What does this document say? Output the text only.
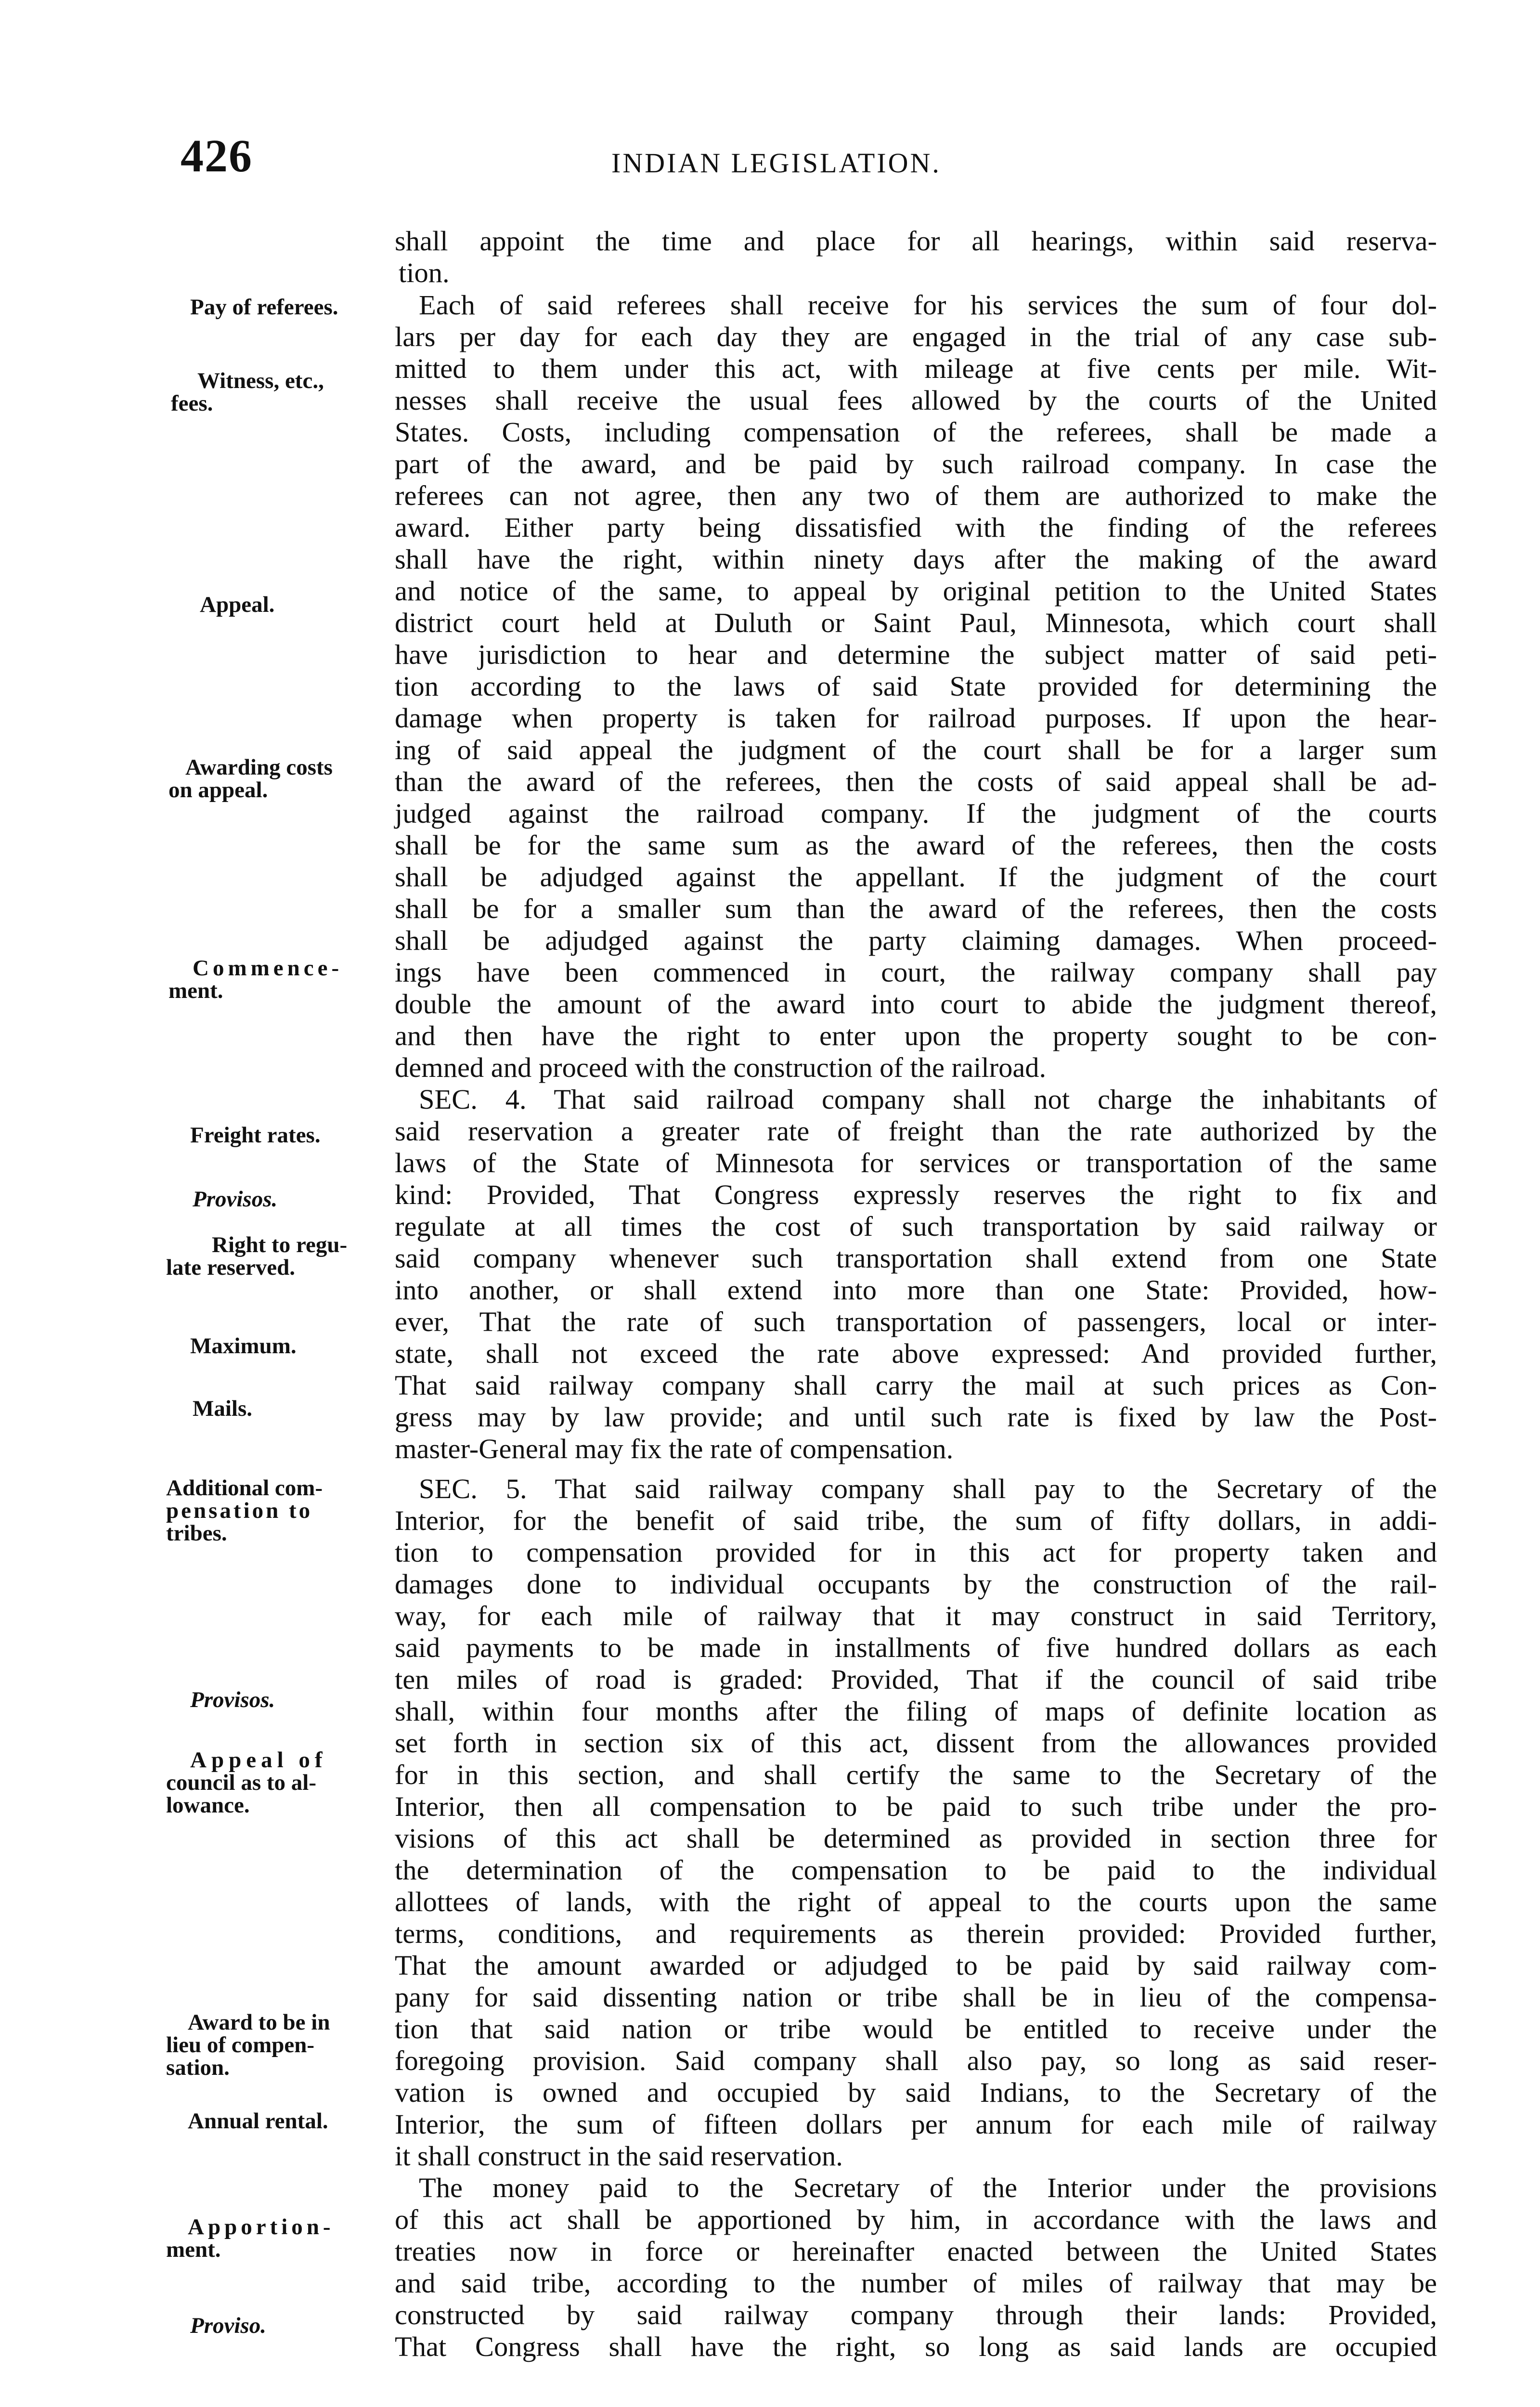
426	INDIAN LEGISLATION.
Pay of referees.
Witness, etc.,
fees.
Appeal.
Awarding costs
on appeal.
Commence-
ment.
Freight rates.
Provisos.
Right to regu-
late reserved.
Maximum.
Mails.
Additional com-
pensation to
tribes.
Provisos.
Appeal of
council as to al-
lowance.
Award to be in
lieu of compen-
sation.
Annual rental.
Apportion-
ment.
Proviso.
shall appoint the time and place for all hearings, within said reserva-
tion.
Each of said referees shall receive for his services the sum of four dol-
lars per day for each day they are engaged in the trial of any case sub-
mitted to them under this act, with mileage at five cents per mile. Wit-
nesses shall receive the usual fees allowed by the courts of the United
States. Costs, including compensation of the referees, shall be made a
part of the award, and be paid by such railroad company. In case the
referees can not agree, then any two of them are authorized to make the
award. Either party being dissatisfied with the finding of the referees
shall have the right, within ninety days after the making of the award
and notice of the same, to appeal by original petition to the United States
district court held at Duluth or Saint Paul, Minnesota, which court shall
have jurisdiction to hear and determine the subject matter of said peti-
tion according to the laws of said State provided for determining the
damage when property is taken for railroad purposes. If upon the hear-
ing of said appeal the judgment of the court shall be for a larger sum
than the award of the referees, then the costs of said appeal shall be ad-
judged against the railroad company. If the judgment of the courts
shall be for the same sum as the award of the referees, then the costs
shall be adjudged against the appellant. If the judgment of the court
shall be for a smaller sum than the award of the referees, then the costs
shall be adjudged against the party claiming damages. When proceed-
ings have been commenced in court, the railway company shall pay
double the amount of the award into court to abide the judgment thereof,
and then have the right to enter upon the property sought to be con-
demned and proceed with the construction of the railroad.
SEC. 4. That said railroad company shall not charge the inhabitants of
said reservation a greater rate of freight than the rate authorized by the
laws of the State of Minnesota for services or transportation of the same
kind: Provided, That Congress expressly reserves the right to fix and
regulate at all times the cost of such transportation by said railway or
said company whenever such transportation shall extend from one State
into another, or shall extend into more than one State: Provided, how-
ever, That the rate of such transportation of passengers, local or inter-
state, shall not exceed the rate above expressed: And provided further,
That said railway company shall carry the mail at such prices as Con-
gress may by law provide; and until such rate is fixed by law the Post-
master-General may fix the rate of compensation.
SEC. 5. That said railway company shall pay to the Secretary of the
Interior, for the benefit of said tribe, the sum of fifty dollars, in addi-
tion to compensation provided for in this act for property taken and
damages done to individual occupants by the construction of the rail-
way, for each mile of railway that it may construct in said Territory,
said payments to be made in installments of five hundred dollars as each
ten miles of road is graded: Provided, That if the council of said tribe
shall, within four months after the filing of maps of definite location as
set forth in section six of this act, dissent from the allowances provided
for in this section, and shall certify the same to the Secretary of the
Interior, then all compensation to be paid to such tribe under the pro-
visions of this act shall be determined as provided in section three for
the determination of the compensation to be paid to the individual
allottees of lands, with the right of appeal to the courts upon the same
terms, conditions, and requirements as therein provided: Provided further,
That the amount awarded or adjudged to be paid by said railway com-
pany for said dissenting nation or tribe shall be in lieu of the compensa-
tion that said nation or tribe would be entitled to receive under the
foregoing provision. Said company shall also pay, so long as said reser-
vation is owned and occupied by said Indians, to the Secretary of the
Interior, the sum of fifteen dollars per annum for each mile of railway
it shall construct in the said reservation.
The money paid to the Secretary of the Interior under the provisions
of this act shall be apportioned by him, in accordance with the laws and
treaties now in force or hereinafter enacted between the United States
and said tribe, according to the number of miles of railway that may be
constructed by said railway company through their lands: Provided,
That Congress shall have the right, so long as said lands are occupied
